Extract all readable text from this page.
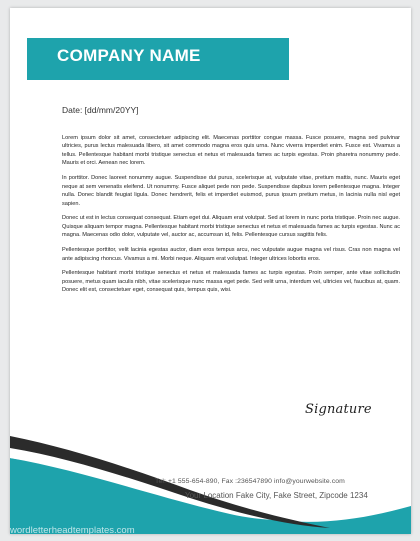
COMPANY NAME
Date: [dd/mm/20YY]

Lorem ipsum dolor sit amet, consectetuer adipiscing elit. Maecenas porttitor congue massa. Fusce posuere, magna sed pulvinar ultricies, purus lectus malesuada libero, sit amet commodo magna eros quis urna. Nunc viverra imperdiet enim. Fusce est. Vivamus a tellus. Pellentesque habitant morbi tristique senectus et netus et malesuada fames ac turpis egestas. Proin pharetra nonummy pede. Mauris et orci. Aenean nec lorem.

In porttitor. Donec laoreet nonummy augue. Suspendisse dui purus, scelerisque at, vulputate vitae, pretium mattis, nunc. Mauris eget neque at sem venenatis eleifend. Ut nonummy. Fusce aliquet pede non pede. Suspendisse dapibus lorem pellentesque magna. Integer nulla. Donec blandit feugiat ligula. Donec hendrerit, felis et imperdiet euismod, purus ipsum pretium metus, in lacinia nulla nisl eget sapien.

Donec ut est in lectus consequat consequat. Etiam eget dui. Aliquam erat volutpat. Sed at lorem in nunc porta tristique. Proin nec augue. Quisque aliquam tempor magna. Pellentesque habitant morbi tristique senectus et netus et malesuada fames ac turpis egestas. Nunc ac magna. Maecenas odio dolor, vulputate vel, auctor ac, accumsan id, felis. Pellentesque cursus sagittis felis.

Pellentesque porttitor, velit lacinia egestas auctor, diam eros tempus arcu, nec vulputate augue magna vel risus. Cras non magna vel ante adipiscing rhoncus. Vivamus a mi. Morbi neque. Aliquam erat volutpat. Integer ultrices lobortis eros.

Pellentesque habitant morbi tristique senectus et netus et malesuada fames ac turpis egestas. Proin semper, ante vitae sollicitudin posuere, metus quam iaculis nibh, vitae scelerisque nunc massa eget pede. Sed velit urna, interdum vel, ultricies vel, faucibus at, quam. Donec elit est, consectetuer eget, consequat quis, tempus quis, wisi.

Signature
Tel: +1 555-654-890, Fax :236547890 info@yourwebsite.com
Your Location Fake City, Fake Street, Zipcode 1234
wordletterheadtemplates.com
